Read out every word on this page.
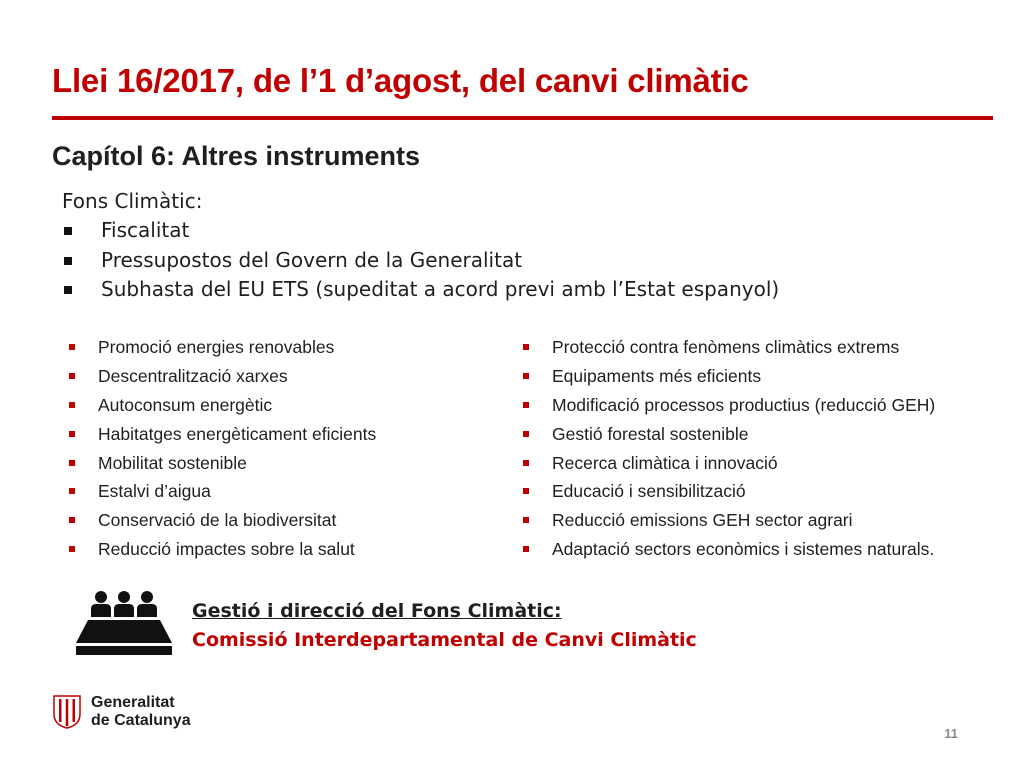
Llei 16/2017, de l’1 d’agost, del canvi climàtic
Capítol 6: Altres instruments
Fons Climàtic:
Fiscalitat
Pressupostos del Govern de la Generalitat
Subhasta del EU ETS (supeditat a acord previ amb l’Estat espanyol)
Promoció energies renovables
Descentralització xarxes
Autoconsum energètic
Habitatges energèticament eficients
Mobilitat sostenible
Estalvi d’aigua
Conservació de la biodiversitat
Reducció impactes sobre la salut
Protecció contra fenòmens climàtics extrems
Equipaments més eficients
Modificació processos productius (reducció GEH)
Gestió forestal sostenible
Recerca climàtica i innovació
Educació i sensibilització
Reducció emissions GEH sector agrari
Adaptació sectors econòmics i sistemes naturals.
Gestió i direcció del Fons Climàtic:
Comissió Interdepartamental de Canvi Climàtic
Generalitat
de Catalunya
11
